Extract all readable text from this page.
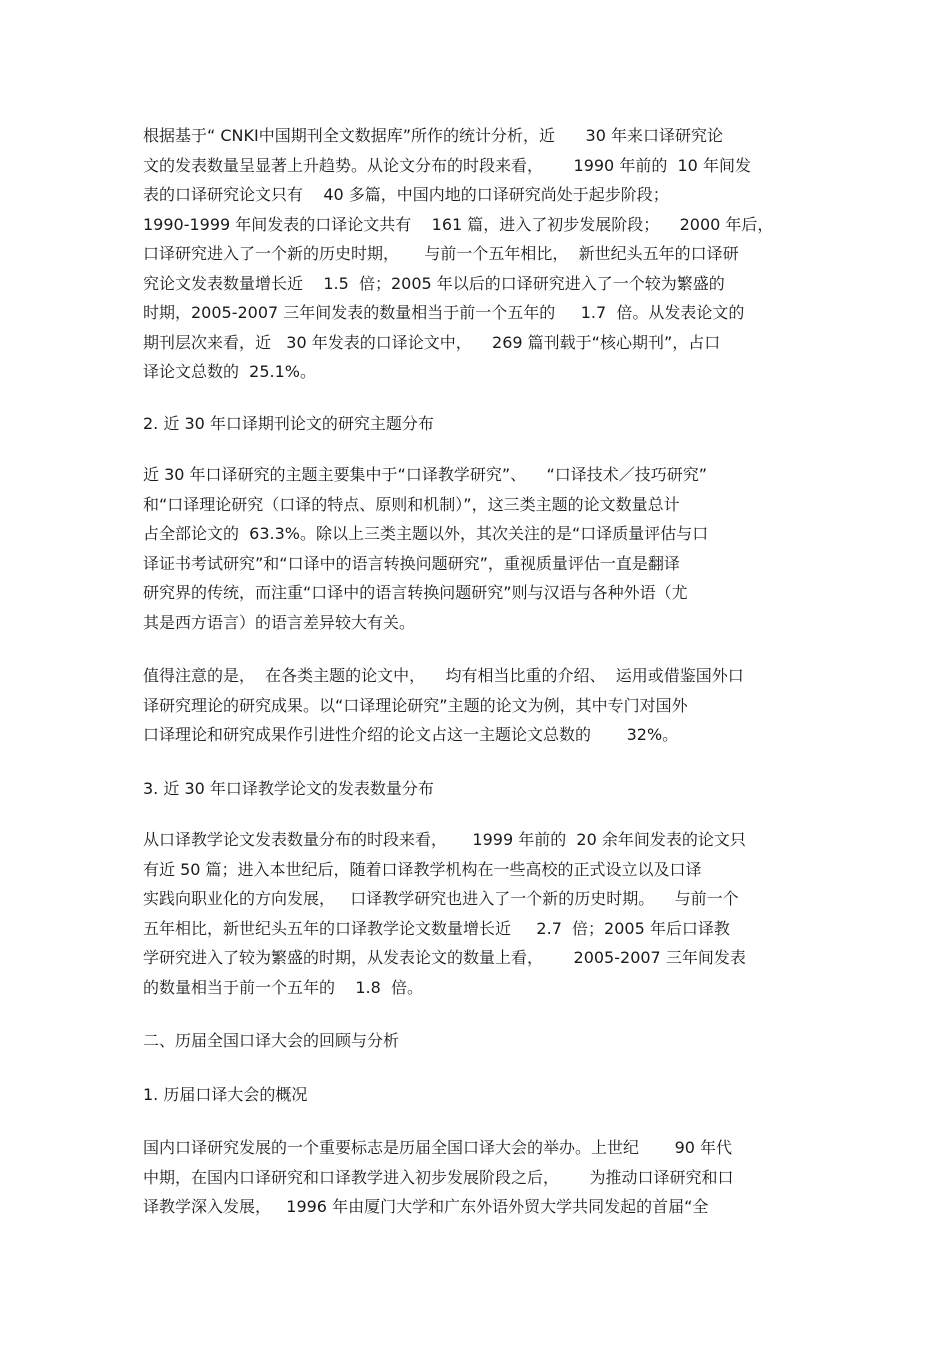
根据基于“ CNKI中国期刊全文数据库”所作的统计分析，近      30 年来口译研究论
文的发表数量呈显著上升趋势。从论文分布的时段来看，      1990 年前的  10 年间发
表的口译研究论文只有    40 多篇，中国内地的口译研究尚处于起步阶段；
1990-1999 年间发表的口译论文共有    161 篇，进入了初步发展阶段；    2000 年后，
口译研究进入了一个新的历史时期，     与前一个五年相比，  新世纪头五年的口译研
究论文发表数量增长近    1.5  倍；2005 年以后的口译研究进入了一个较为繁盛的
时期，2005-2007 三年间发表的数量相当于前一个五年的     1.7  倍。从发表论文的
期刊层次来看，近   30 年发表的口译论文中，    269 篇刊载于“核心期刊”，占口
译论文总数的  25.1%。
2. 近 30 年口译期刊论文的研究主题分布
近 30 年口译研究的主题主要集中于“口译教学研究”、    “口译技术／技巧研究”
和“口译理论研究（口译的特点、原则和机制）”，这三类主题的论文数量总计
占全部论文的  63.3%。除以上三类主题以外，其次关注的是“口译质量评估与口
译证书考试研究”和“口译中的语言转换问题研究”，重视质量评估一直是翻译
研究界的传统，而注重“口译中的语言转换问题研究”则与汉语与各种外语（尤
其是西方语言）的语言差异较大有关。
值得注意的是，  在各类主题的论文中，    均有相当比重的介绍、  运用或借鉴国外口
译研究理论的研究成果。以“口译理论研究”主题的论文为例，其中专门对国外
口译理论和研究成果作引进性介绍的论文占这一主题论文总数的       32%。
3. 近 30 年口译教学论文的发表数量分布
从口译教学论文发表数量分布的时段来看，     1999 年前的  20 余年间发表的论文只
有近 50 篇；进入本世纪后，随着口译教学机构在一些高校的正式设立以及口译
实践向职业化的方向发展，   口译教学研究也进入了一个新的历史时期。    与前一个
五年相比，新世纪头五年的口译教学论文数量增长近     2.7  倍；2005 年后口译教
学研究进入了较为繁盛的时期，从发表论文的数量上看，      2005-2007 三年间发表
的数量相当于前一个五年的    1.8  倍。
二、历届全国口译大会的回顾与分析
1. 历届口译大会的概况
国内口译研究发展的一个重要标志是历届全国口译大会的举办。上世纪       90 年代
中期，在国内口译研究和口译教学进入初步发展阶段之后，      为推动口译研究和口
译教学深入发展，   1996 年由厦门大学和广东外语外贸大学共同发起的首届“全
